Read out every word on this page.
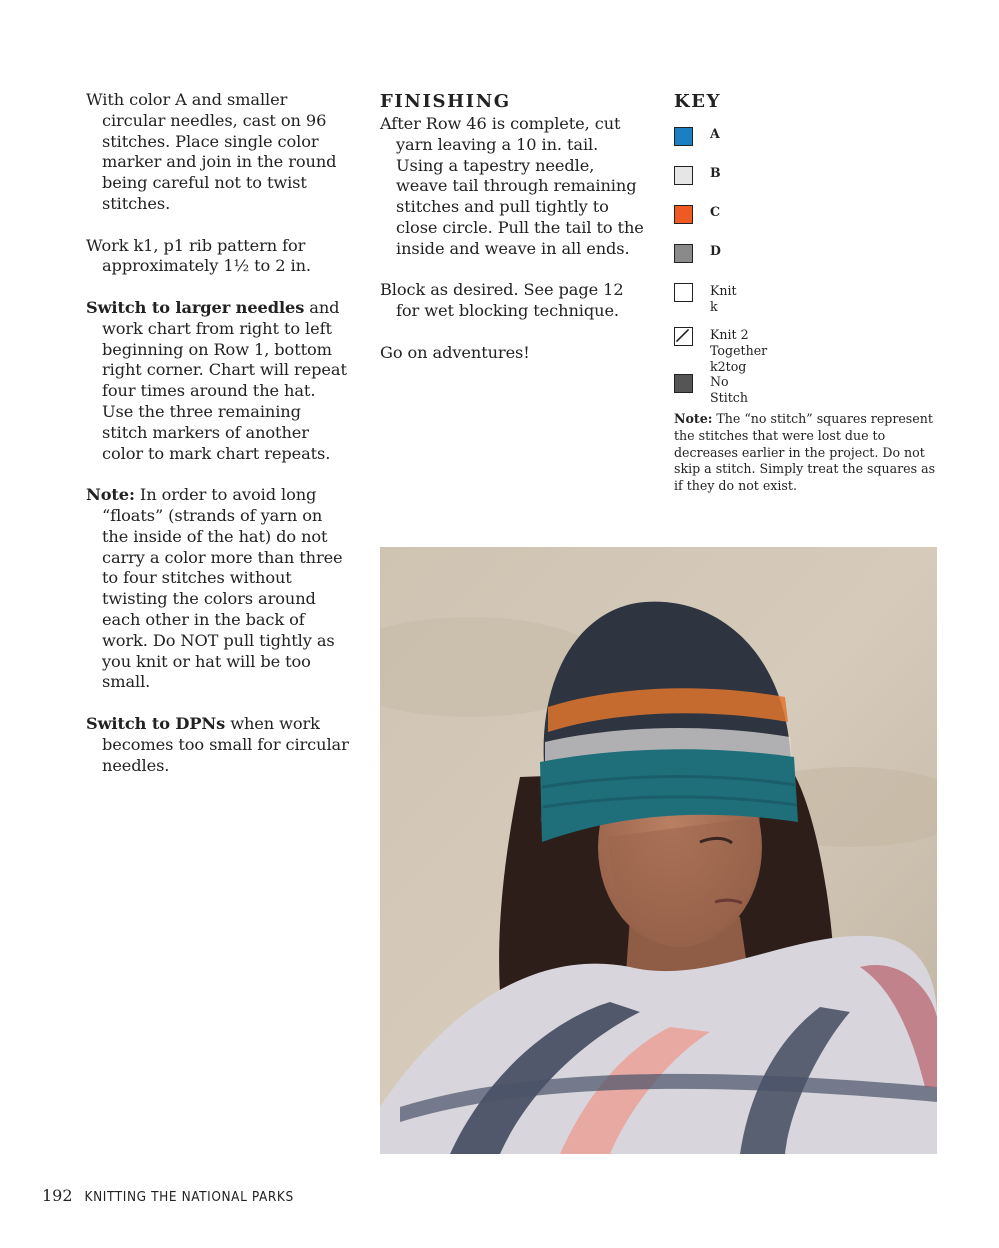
With color A and smaller circular needles, cast on 96 stitches. Place single color marker and join in the round being careful not to twist stitches.

Work k1, p1 rib pattern for approximately 1½ to 2 in.

Switch to larger needles and work chart from right to left beginning on Row 1, bottom right corner. Chart will repeat four times around the hat. Use the three remaining stitch markers of another color to mark chart repeats.

Note: In order to avoid long “floats” (strands of yarn on the inside of the hat) do not carry a color more than three to four stitches without twisting the colors around each other in the back of work. Do NOT pull tightly as you knit or hat will be too small.

Switch to DPNs when work becomes too small for circular needles.

FINISHING

After Row 46 is complete, cut yarn leaving a 10 in. tail. Using a tapestry needle, weave tail through remaining stitches and pull tightly to close circle. Pull the tail to the inside and weave in all ends.

Block as desired. See page 12 for wet blocking technique.

Go on adventures!

KEY
A
B
C
D
Knit
k
Knit 2 Together
k2tog
No Stitch
Note: The “no stitch” squares represent the stitches that were lost due to decreases earlier in the project. Do not skip a stitch. Simply treat the squares as if they do not exist.
192 KNITTING THE NATIONAL PARKS
